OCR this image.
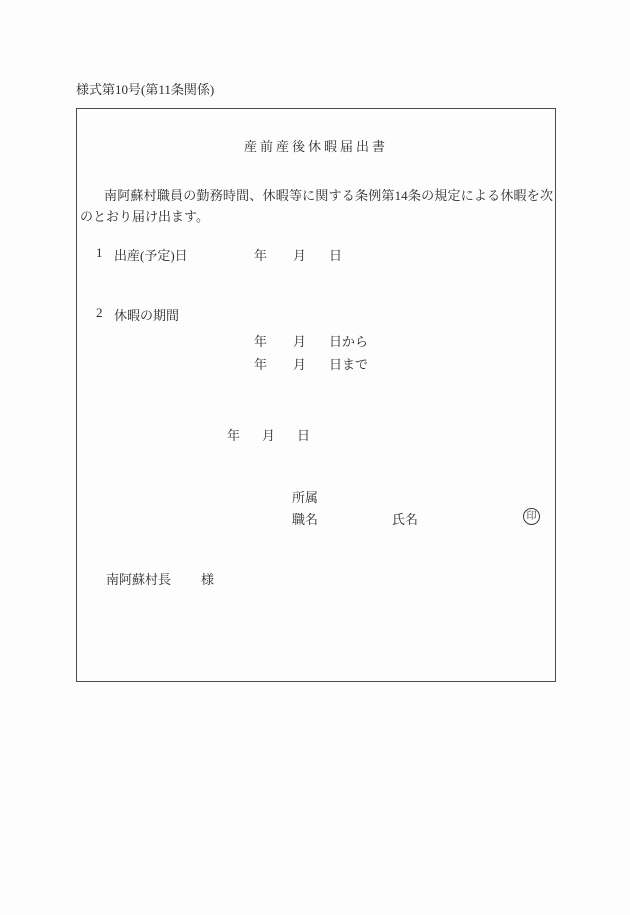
様式第10号(第11条関係)
産前産後休暇届出書
南阿蘇村職員の勤務時間、休暇等に関する条例第14条の規定による休暇を次のとおり届け出ます。
1 出産(予定)日	年 月 日
2 休暇の期間
年 月 日から
年 月 日まで
年 月 日
所属
職名	氏名	印
南阿蘇村長 様
